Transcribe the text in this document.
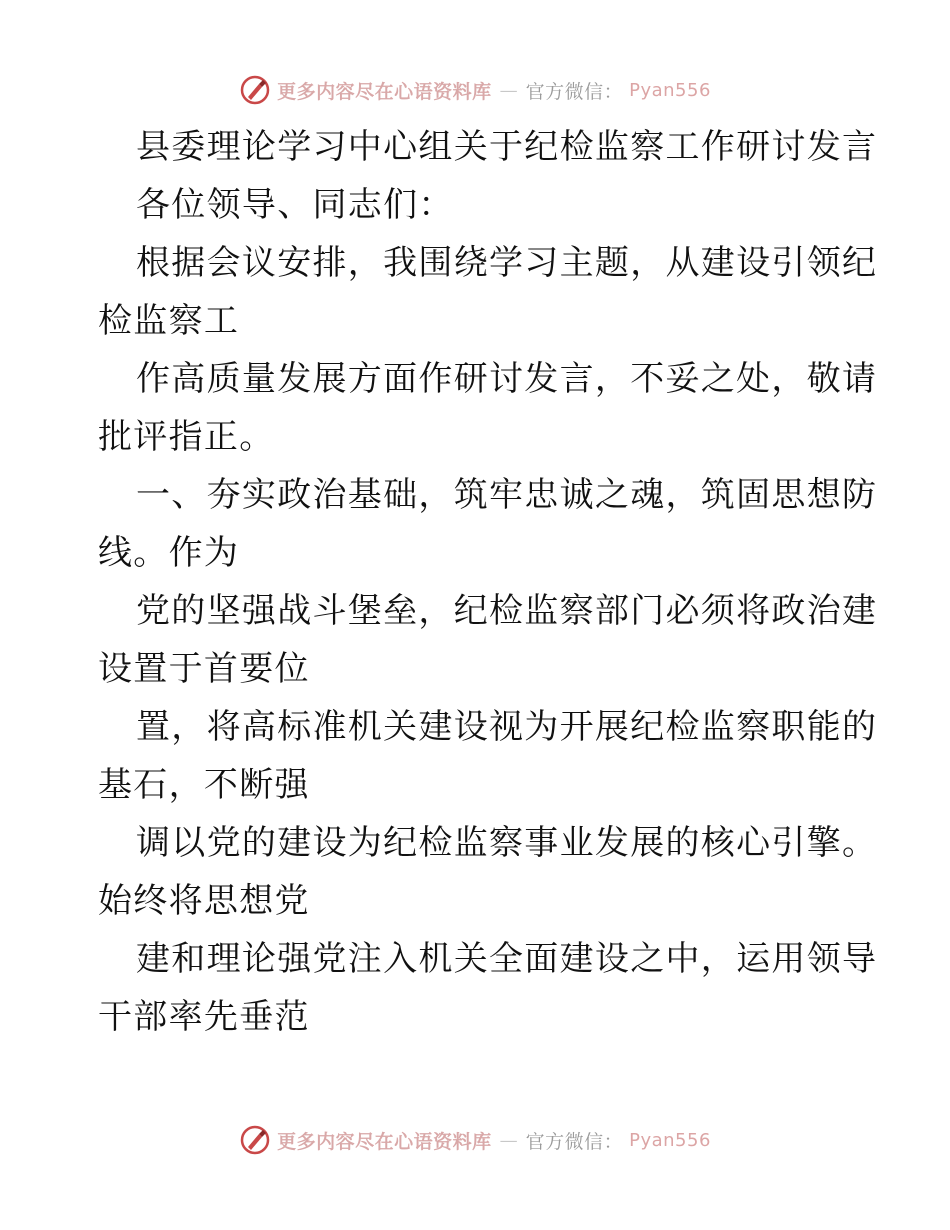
更多内容尽在心语资料库 — 官方微信： Pyan556
县委理论学习中心组关于纪检监察工作研讨发言
各位领导、同志们：
根据会议安排，我围绕学习主题，从建设引领纪
检监察工
作高质量发展方面作研讨发言，不妥之处，敬请
批评指正。
一、夯实政治基础，筑牢忠诚之魂，筑固思想防
线。作为
党的坚强战斗堡垒，纪检监察部门必须将政治建
设置于首要位
置，将高标准机关建设视为开展纪检监察职能的
基石，不断强
调以党的建设为纪检监察事业发展的核心引擎。
始终将思想党
建和理论强党注入机关全面建设之中，运用领导
干部率先垂范
更多内容尽在心语资料库 — 官方微信： Pyan556
